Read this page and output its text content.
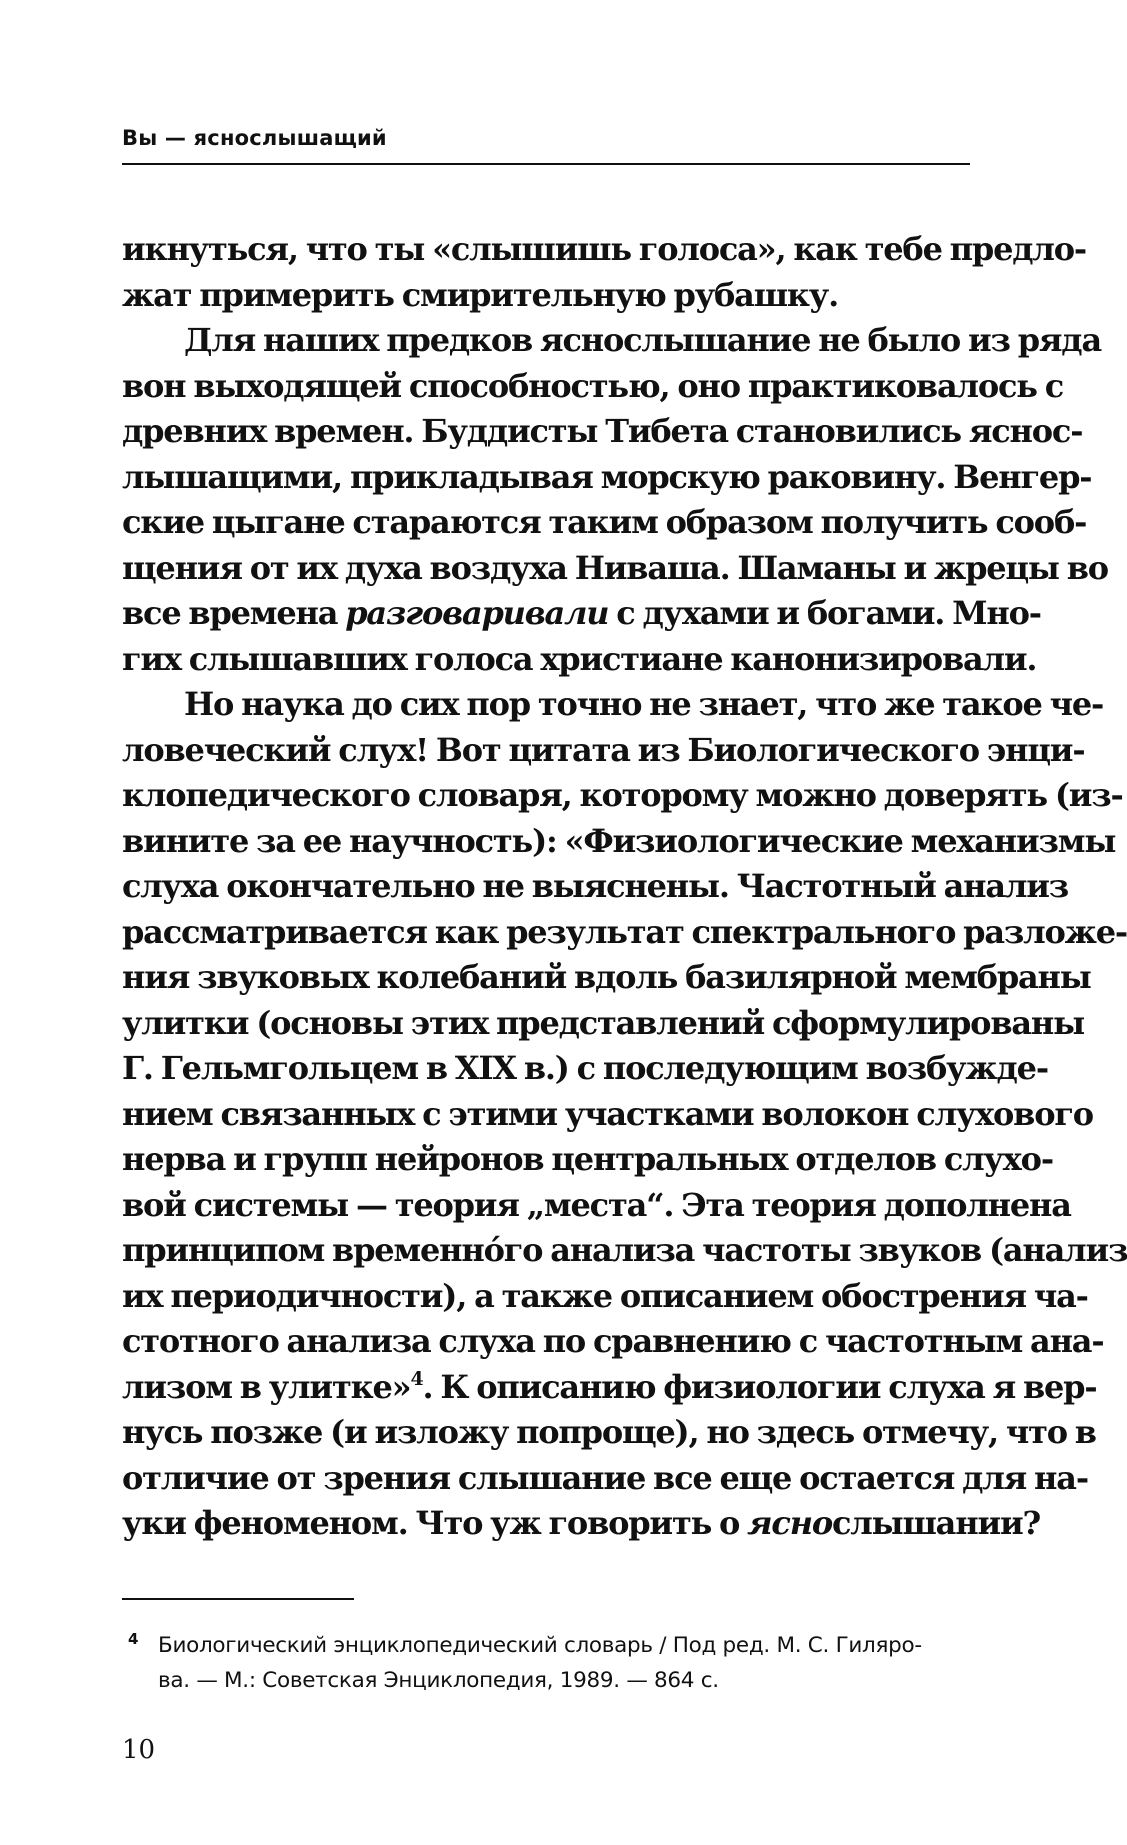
Вы — яснослышащий
икнуться, что ты «слышишь голоса», как тебе предло-
жат примерить смирительную рубашку.
Для наших предков яснослышание не было из ряда
вон выходящей способностью, оно практиковалось с
древних времен. Буддисты Тибета становились яснос-
лышащими, прикладывая морскую раковину. Венгер-
ские цыгане стараются таким образом получить сооб-
щения от их духа воздуха Ниваша. Шаманы и жрецы во
все времена разговаривали с духами и богами. Мно-
гих слышавших голоса христиане канонизировали.
Но наука до сих пор точно не знает, что же такое че-
ловеческий слух! Вот цитата из Биологического энци-
клопедического словаря, которому можно доверять (из-
вините за ее научность): «Физиологические механизмы
слуха окончательно не выяснены. Частотный анализ
рассматривается как результат спектрального разложе-
ния звуковых колебаний вдоль базилярной мембраны
улитки (основы этих представлений сформулированы
Г. Гельмгольцем в XIX в.) с последующим возбужде-
нием связанных с этими участками волокон слухового
нерва и групп нейронов центральных отделов слухо-
вой системы — теория „места“. Эта теория дополнена
принципом временно́го анализа частоты звуков (анализ
их периодичности), а также описанием обострения ча-
стотного анализа слуха по сравнению с частотным ана-
лизом в улитке»$^4$. К описанию физиологии слуха я вер-
нусь позже (и изложу попроще), но здесь отмечу, что в
отличие от зрения слышание все еще остается для на-
уки феноменом. Что уж говорить о яснослышании?
4 Биологический энциклопедический словарь / Под ред. М. С. Гиляро-
ва. — М.: Советская Энциклопедия, 1989. — 864 с.
10
